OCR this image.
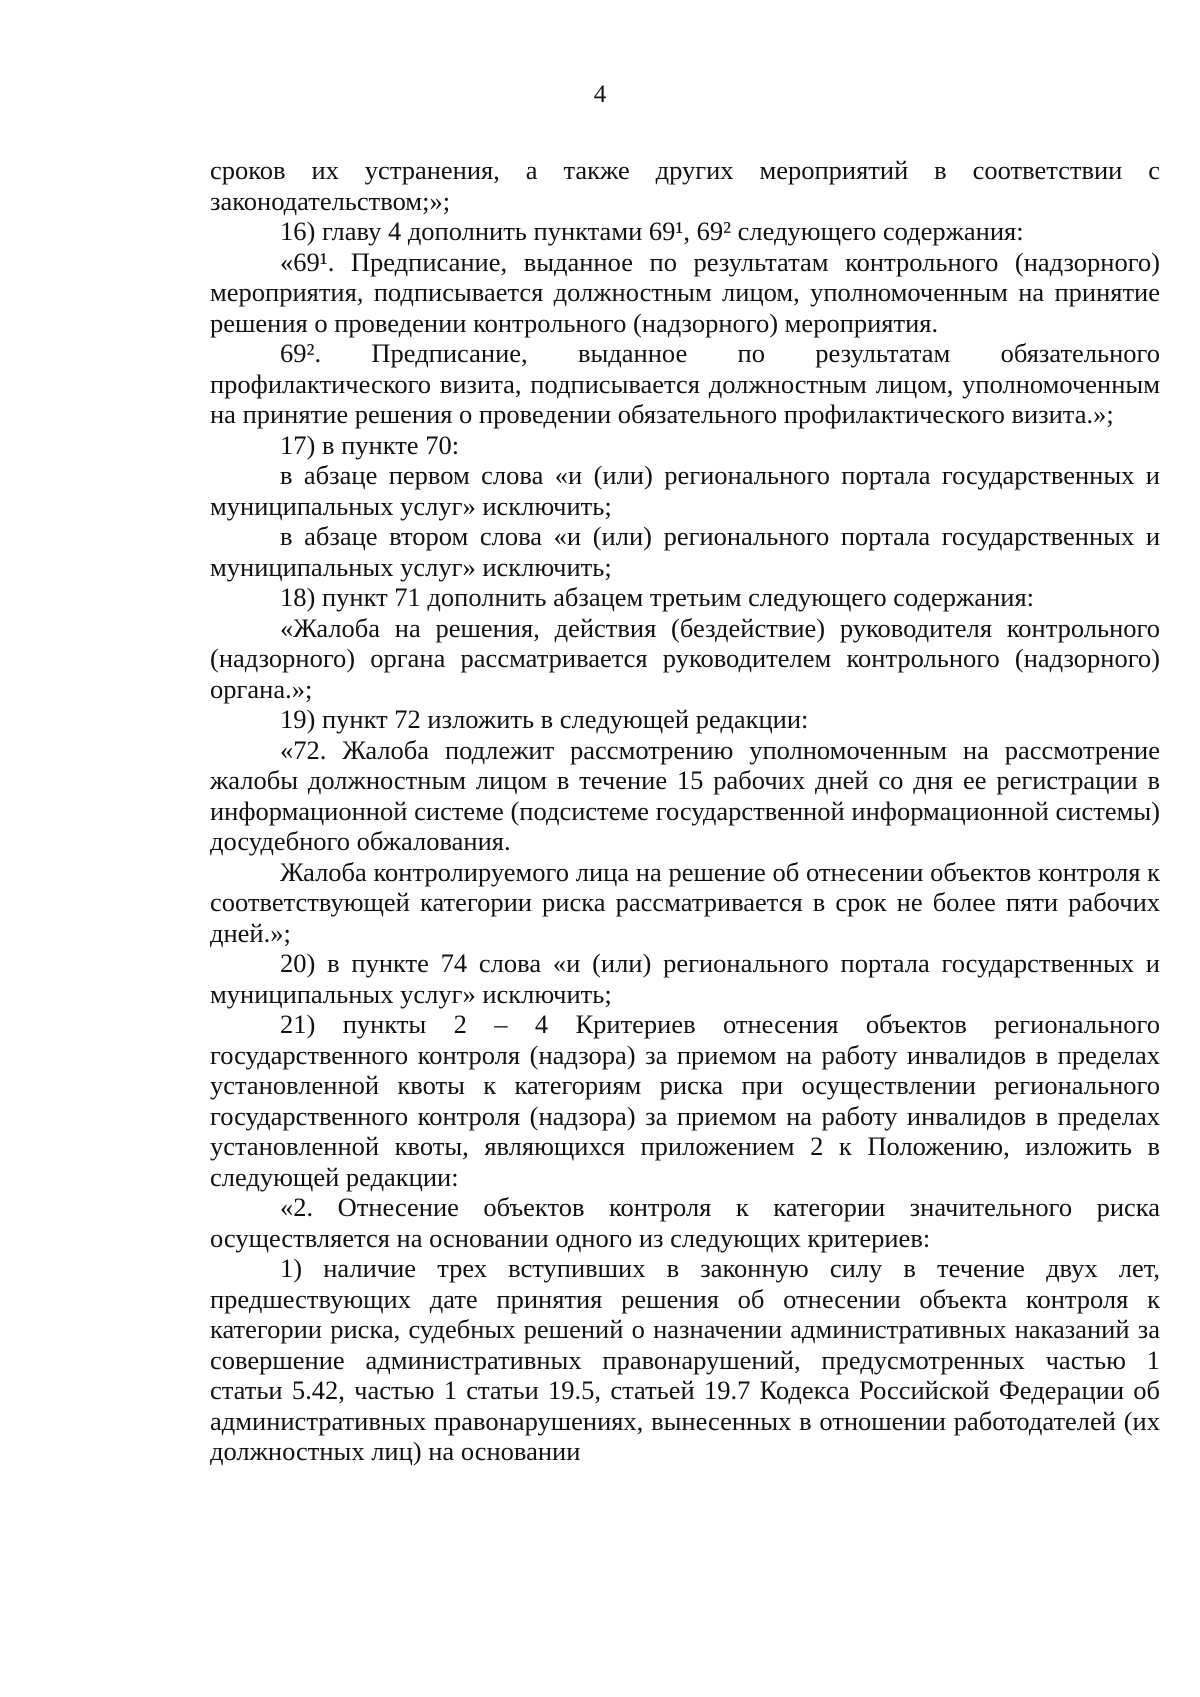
4

сроков их устранения, а также других мероприятий в соответствии с законодательством;»;

16) главу 4 дополнить пунктами 69¹, 69² следующего содержания:

«69¹. Предписание, выданное по результатам контрольного (надзорного) мероприятия, подписывается должностным лицом, уполномоченным на принятие решения о проведении контрольного (надзорного) мероприятия.

69². Предписание, выданное по результатам обязательного профилактического визита, подписывается должностным лицом, уполномоченным на принятие решения о проведении обязательного профилактического визита.»;

17) в пункте 70:

в абзаце первом слова «и (или) регионального портала государственных и муниципальных услуг» исключить;

в абзаце втором слова «и (или) регионального портала государственных и муниципальных услуг» исключить;

18) пункт 71 дополнить абзацем третьим следующего содержания:

«Жалоба на решения, действия (бездействие) руководителя контрольного (надзорного) органа рассматривается руководителем контрольного (надзорного) органа.»;

19) пункт 72 изложить в следующей редакции:

«72. Жалоба подлежит рассмотрению уполномоченным на рассмотрение жалобы должностным лицом в течение 15 рабочих дней со дня ее регистрации в информационной системе (подсистеме государственной информационной системы) досудебного обжалования.

Жалоба контролируемого лица на решение об отнесении объектов контроля к соответствующей категории риска рассматривается в срок не более пяти рабочих дней.»;

20) в пункте 74 слова «и (или) регионального портала государственных и муниципальных услуг» исключить;

21) пункты 2 – 4 Критериев отнесения объектов регионального государственного контроля (надзора) за приемом на работу инвалидов в пределах установленной квоты к категориям риска при осуществлении регионального государственного контроля (надзора) за приемом на работу инвалидов в пределах установленной квоты, являющихся приложением 2 к Положению, изложить в следующей редакции:

«2. Отнесение объектов контроля к категории значительного риска осуществляется на основании одного из следующих критериев:

1) наличие трех вступивших в законную силу в течение двух лет, предшествующих дате принятия решения об отнесении объекта контроля к категории риска, судебных решений о назначении административных наказаний за совершение административных правонарушений, предусмотренных частью 1 статьи 5.42, частью 1 статьи 19.5, статьей 19.7 Кодекса Российской Федерации об административных правонарушениях, вынесенных в отношении работодателей (их должностных лиц) на основании
